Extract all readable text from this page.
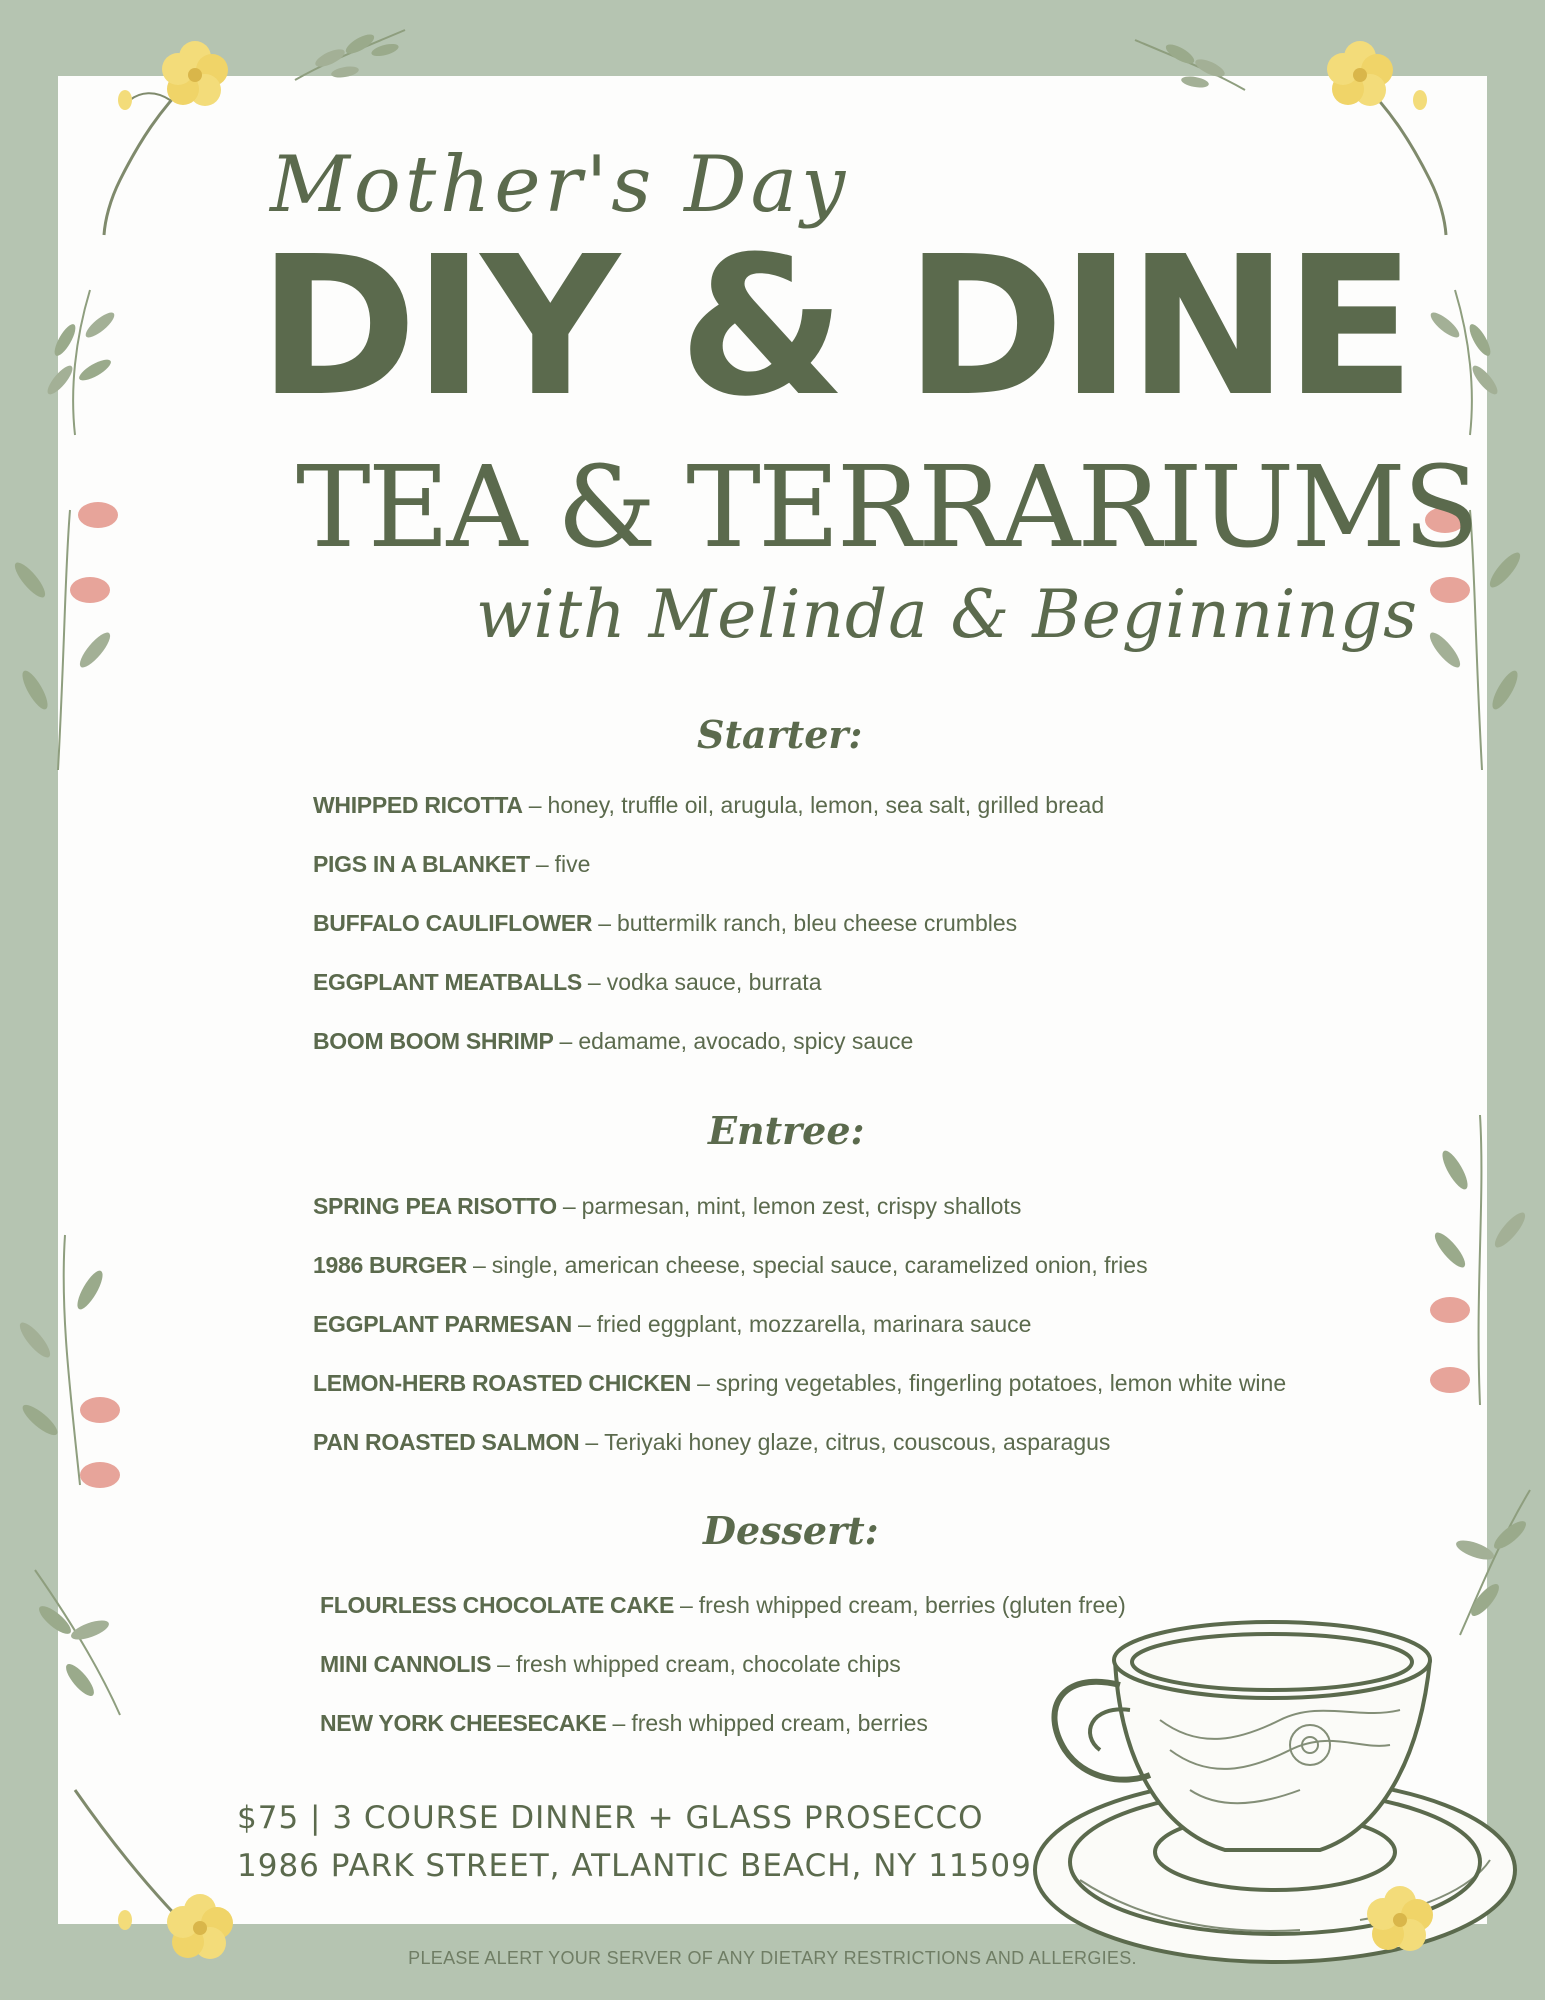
Mother's Day
DIY & DINE
TEA & TERRARIUMS
with Melinda & Beginnings
Starter:
WHIPPED RICOTTA – honey, truffle oil, arugula, lemon, sea salt, grilled bread
PIGS IN A BLANKET – five
BUFFALO CAULIFLOWER – buttermilk ranch, bleu cheese crumbles
EGGPLANT MEATBALLS – vodka sauce, burrata
BOOM BOOM SHRIMP – edamame, avocado, spicy sauce
Entree:
SPRING PEA RISOTTO – parmesan, mint, lemon zest, crispy shallots
1986 BURGER – single, american cheese, special sauce, caramelized onion, fries
EGGPLANT PARMESAN – fried eggplant, mozzarella, marinara sauce
LEMON-HERB ROASTED CHICKEN – spring vegetables, fingerling potatoes, lemon white wine
PAN ROASTED SALMON – Teriyaki honey glaze, citrus, couscous, asparagus
Dessert:
FLOURLESS CHOCOLATE CAKE – fresh whipped cream, berries (gluten free)
MINI CANNOLIS – fresh whipped cream, chocolate chips
NEW YORK CHEESECAKE – fresh whipped cream, berries
$75 | 3 COURSE DINNER + GLASS PROSECCO
1986 PARK STREET, ATLANTIC BEACH, NY 11509
PLEASE ALERT YOUR SERVER OF ANY DIETARY RESTRICTIONS AND ALLERGIES.
